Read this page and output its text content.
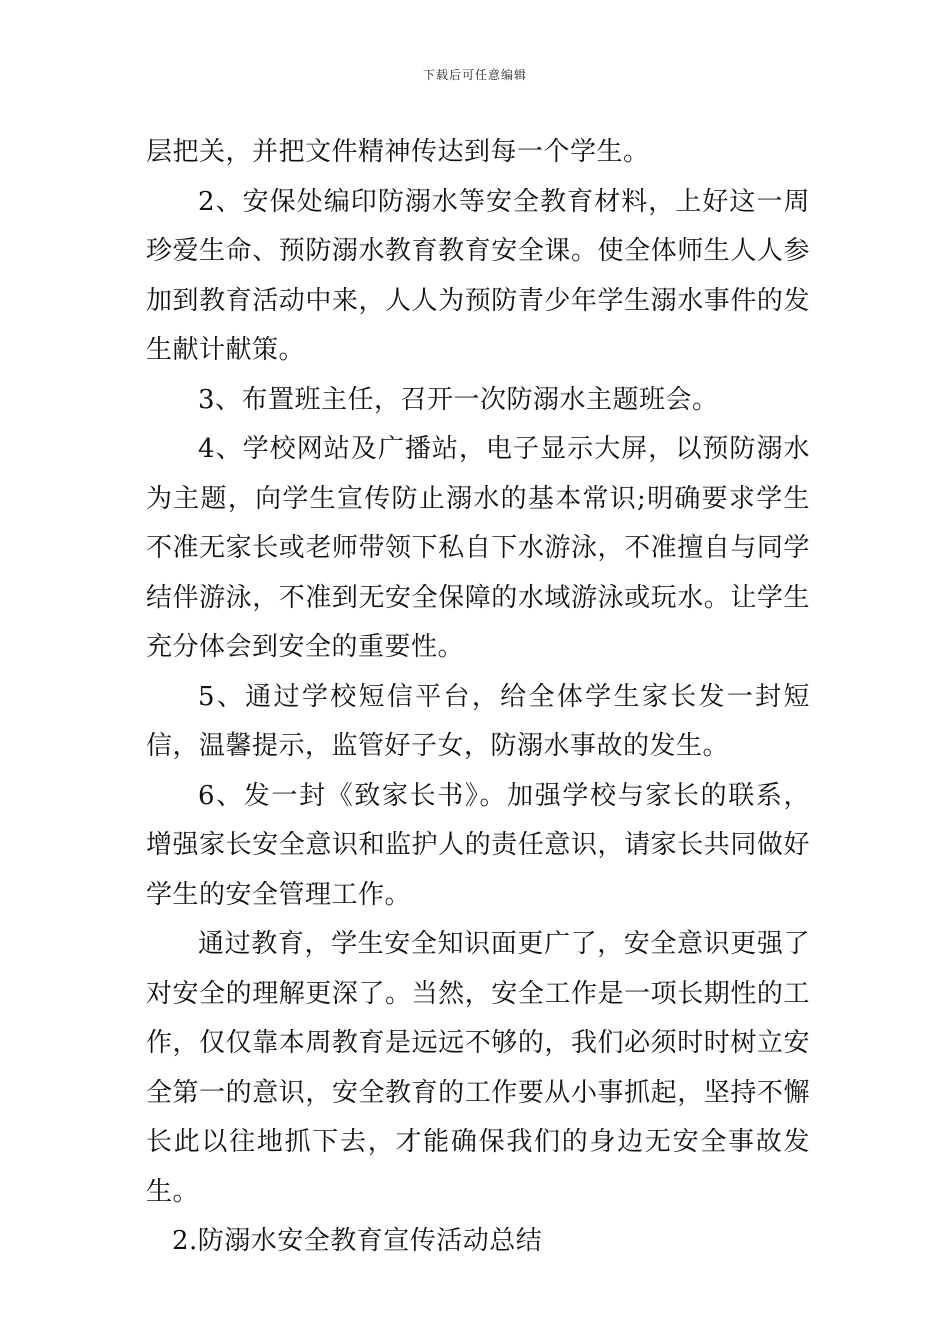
下载后可任意编辑

层把关，并把文件精神传达到每一个学生。

2、安保处编印防溺水等安全教育材料，上好这一周珍爱生命、预防溺水教育教育安全课。使全体师生人人参加到教育活动中来，人人为预防青少年学生溺水事件的发生献计献策。

3、布置班主任，召开一次防溺水主题班会。

4、学校网站及广播站，电子显示大屏，以预防溺水为主题，向学生宣传防止溺水的基本常识;明确要求学生不准无家长或老师带领下私自下水游泳，不准擅自与同学结伴游泳，不准到无安全保障的水域游泳或玩水。让学生充分体会到安全的重要性。

5、通过学校短信平台，给全体学生家长发一封短信，温馨提示，监管好子女，防溺水事故的发生。

6、发一封《致家长书》。加强学校与家长的联系，增强家长安全意识和监护人的责任意识，请家长共同做好学生的安全管理工作。

通过教育，学生安全知识面更广了，安全意识更强了对安全的理解更深了。当然，安全工作是一项长期性的工作，仅仅靠本周教育是远远不够的，我们必须时时树立安全第一的意识，安全教育的工作要从小事抓起，坚持不懈长此以往地抓下去，才能确保我们的身边无安全事故发生。

2.防溺水安全教育宣传活动总结
